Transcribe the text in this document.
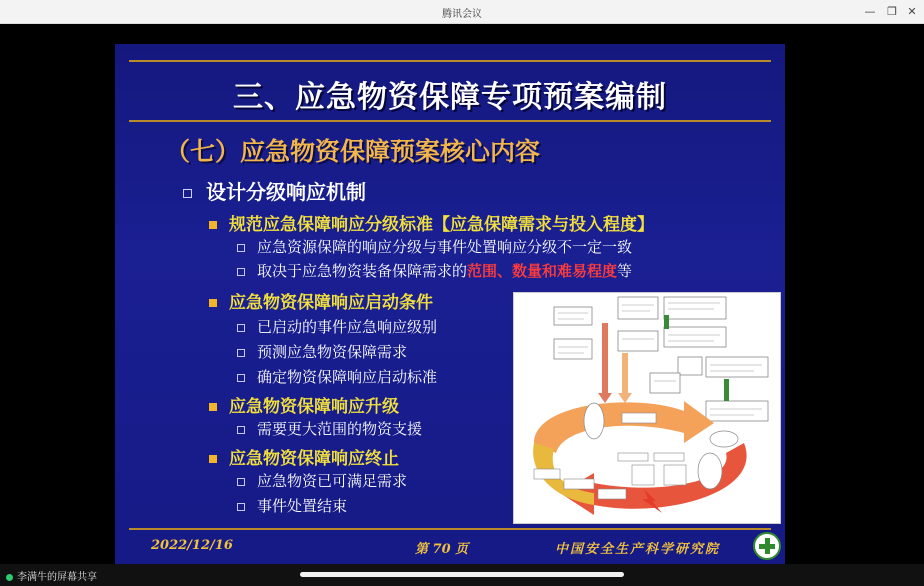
腾讯会议	—	❐ ✕
三、应急物资保障专项预案编制
（七）应急物资保障预案核心内容
设计分级响应机制
规范应急保障响应分级标准【应急保障需求与投入程度】
应急资源保障的响应分级与事件处置响应分级不一定一致
取决于应急物资装备保障需求的范围、数量和难易程度等
应急物资保障响应启动条件
已启动的事件应急响应级别
预测应急物资保障需求
确定物资保障响应启动标准
应急物资保障响应升级
需要更大范围的物资支援
应急物资保障响应终止
应急物资已可满足需求
事件处置结束
2022/12/16	第 70 页	中国安全生产科学研究院
李满牛的屏幕共享
